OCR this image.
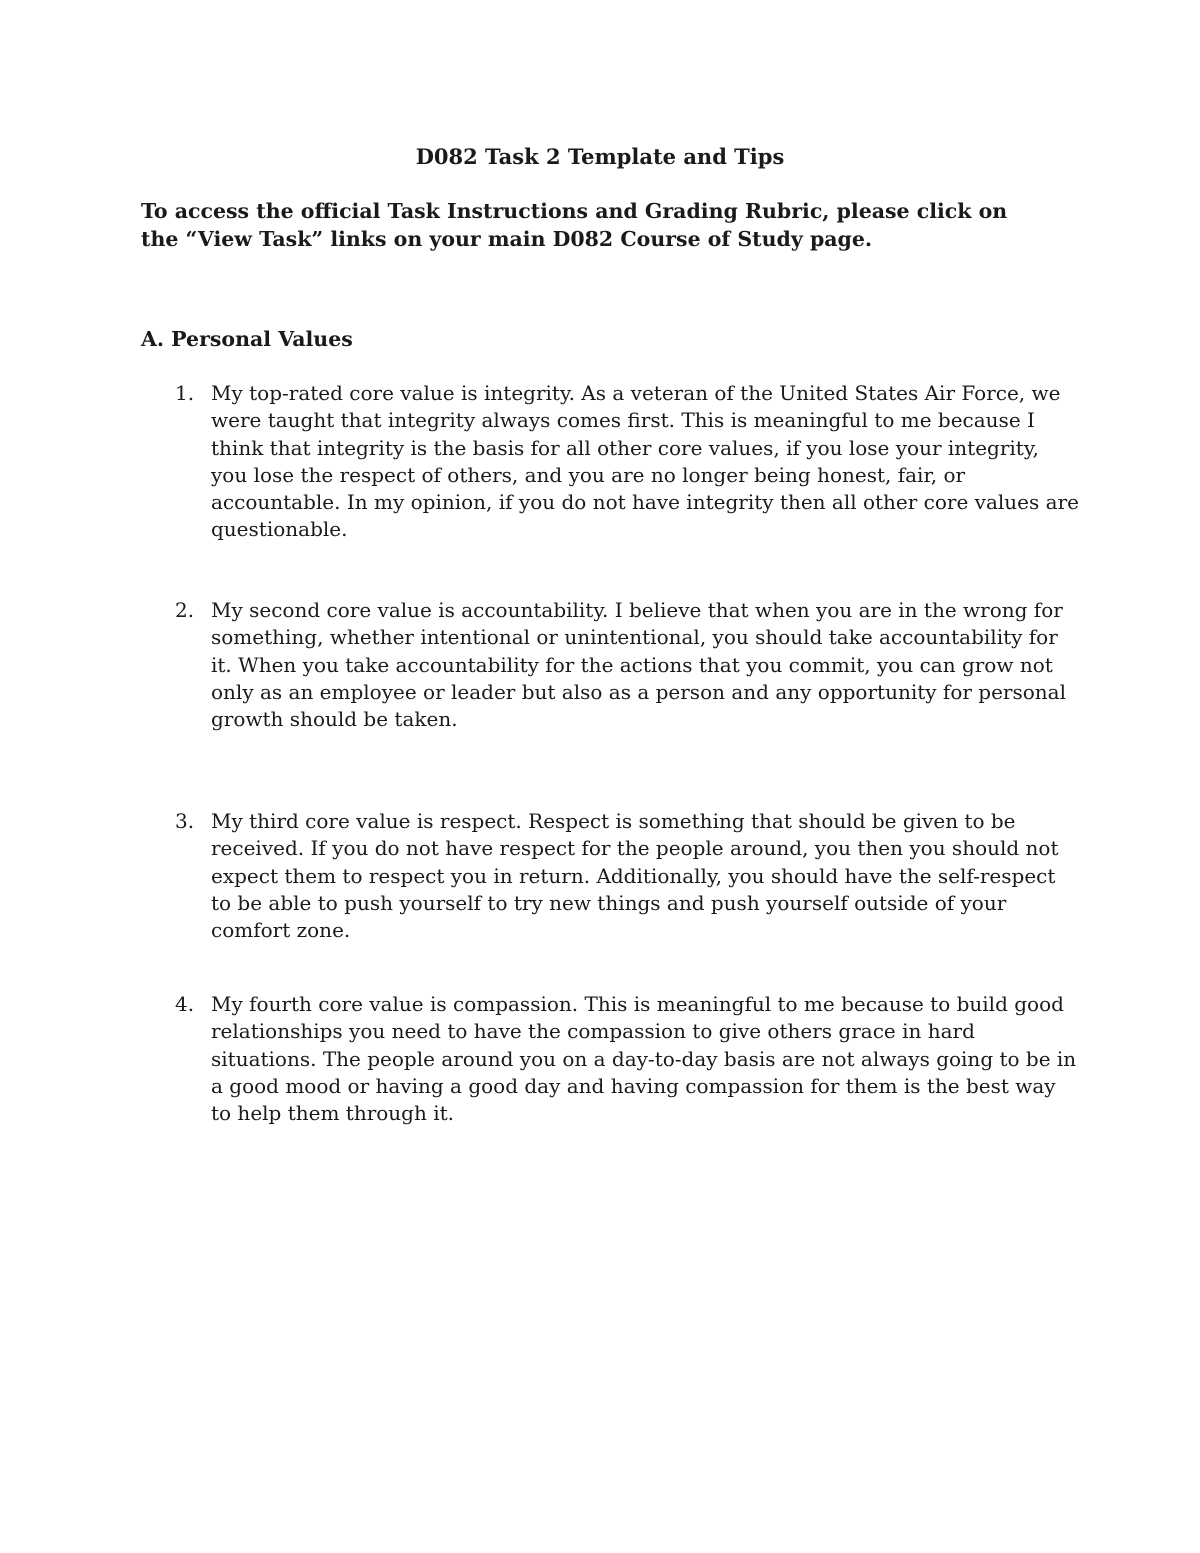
D082 Task 2 Template and Tips

To access the official Task Instructions and Grading Rubric, please click on the “View Task” links on your main D082 Course of Study page.

A. Personal Values
1. My top-rated core value is integrity. As a veteran of the United States Air Force, we were taught that integrity always comes first. This is meaningful to me because I think that integrity is the basis for all other core values, if you lose your integrity, you lose the respect of others, and you are no longer being honest, fair, or accountable. In my opinion, if you do not have integrity then all other core values are questionable.
2. My second core value is accountability. I believe that when you are in the wrong for something, whether intentional or unintentional, you should take accountability for it. When you take accountability for the actions that you commit, you can grow not only as an employee or leader but also as a person and any opportunity for personal growth should be taken.
3. My third core value is respect. Respect is something that should be given to be received. If you do not have respect for the people around, you then you should not expect them to respect you in return. Additionally, you should have the self-respect to be able to push yourself to try new things and push yourself outside of your comfort zone.
4. My fourth core value is compassion. This is meaningful to me because to build good relationships you need to have the compassion to give others grace in hard situations. The people around you on a day-to-day basis are not always going to be in a good mood or having a good day and having compassion for them is the best way to help them through it.
